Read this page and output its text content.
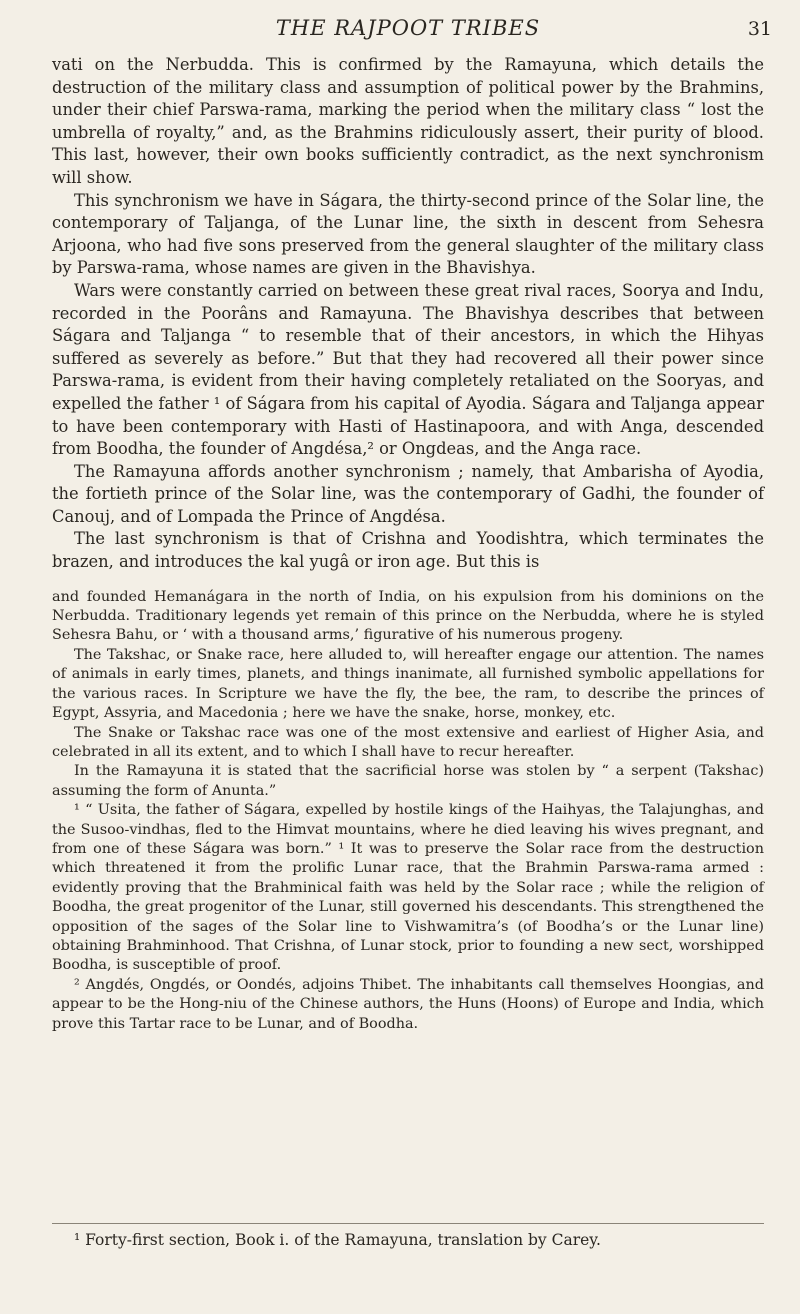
THE RAJPOOT TRIBES	31

vati on the Nerbudda. This is confirmed by the Ramayuna, which details the destruction of the military class and assumption of political power by the Brahmins, under their chief Parswa-rama, marking the period when the military class “ lost the umbrella of royalty,” and, as the Brahmins ridiculously assert, their purity of blood. This last, however, their own books sufficiently contradict, as the next synchronism will show.

This synchronism we have in Ságara, the thirty-second prince of the Solar line, the contemporary of Taljanga, of the Lunar line, the sixth in descent from Sehesra Arjoona, who had five sons preserved from the general slaughter of the military class by Parswa-rama, whose names are given in the Bhavishya.

Wars were constantly carried on between these great rival races, Soorya and Indu, recorded in the Poorâns and Ramayuna. The Bhavishya describes that between Ságara and Taljanga “ to resemble that of their ancestors, in which the Hihyas suffered as severely as before.” But that they had recovered all their power since Parswa-rama, is evident from their having completely retaliated on the Sooryas, and expelled the father ¹ of Ságara from his capital of Ayodia. Ságara and Taljanga appear to have been contemporary with Hasti of Hastinapoora, and with Anga, descended from Boodha, the founder of Angdésa,² or Ongdeas, and the Anga race.

The Ramayuna affords another synchronism ; namely, that Ambarisha of Ayodia, the fortieth prince of the Solar line, was the contemporary of Gadhi, the founder of Canouj, and of Lompada the Prince of Angdésa.

The last synchronism is that of Crishna and Yoodishtra, which terminates the brazen, and introduces the kal yugâ or iron age. But this is

and founded Hemanágara in the north of India, on his expulsion from his dominions on the Nerbudda. Traditionary legends yet remain of this prince on the Nerbudda, where he is styled Sehesra Bahu, or ‘ with a thousand arms,’ figurative of his numerous progeny.

The Takshac, or Snake race, here alluded to, will hereafter engage our attention. The names of animals in early times, planets, and things inanimate, all furnished symbolic appellations for the various races. In Scripture we have the fly, the bee, the ram, to describe the princes of Egypt, Assyria, and Macedonia ; here we have the snake, horse, monkey, etc.

The Snake or Takshac race was one of the most extensive and earliest of Higher Asia, and celebrated in all its extent, and to which I shall have to recur hereafter.

In the Ramayuna it is stated that the sacrificial horse was stolen by “ a serpent (Takshac) assuming the form of Anunta.”

¹ “ Usita, the father of Ságara, expelled by hostile kings of the Haihyas, the Talajunghas, and the Susoo-vindhas, fled to the Himvat mountains, where he died leaving his wives pregnant, and from one of these Ságara was born.” ¹ It was to preserve the Solar race from the destruction which threatened it from the prolific Lunar race, that the Brahmin Parswa-rama armed : evidently proving that the Brahminical faith was held by the Solar race ; while the religion of Boodha, the great progenitor of the Lunar, still governed his descendants. This strengthened the opposition of the sages of the Solar line to Vishwamitra’s (of Boodha’s or the Lunar line) obtaining Brahminhood. That Crishna, of Lunar stock, prior to founding a new sect, worshipped Boodha, is susceptible of proof.

² Angdés, Ongdés, or Oondés, adjoins Thibet. The inhabitants call themselves Hoongias, and appear to be the Hong-niu of the Chinese authors, the Huns (Hoons) of Europe and India, which prove this Tartar race to be Lunar, and of Boodha.

¹ Forty-first section, Book i. of the Ramayuna, translation by Carey.
